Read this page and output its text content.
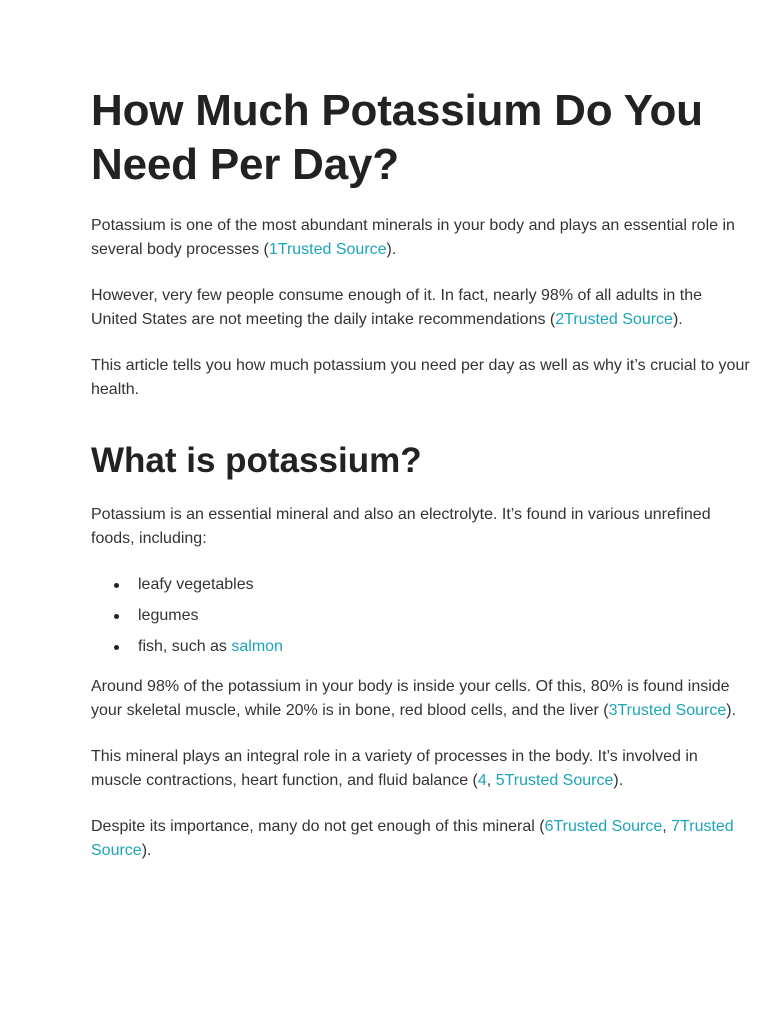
How Much Potassium Do You Need Per Day?

Potassium is one of the most abundant minerals in your body and plays an essential role in several body processes (1Trusted Source).

However, very few people consume enough of it. In fact, nearly 98% of all adults in the United States are not meeting the daily intake recommendations (2Trusted Source).

This article tells you how much potassium you need per day as well as why it’s crucial to your health.

What is potassium?

Potassium is an essential mineral and also an electrolyte. It’s found in various unrefined foods, including:

leafy vegetables
legumes
fish, such as salmon

Around 98% of the potassium in your body is inside your cells. Of this, 80% is found inside your skeletal muscle, while 20% is in bone, red blood cells, and the liver (3Trusted Source).

This mineral plays an integral role in a variety of processes in the body. It’s involved in muscle contractions, heart function, and fluid balance (4, 5Trusted Source).

Despite its importance, many do not get enough of this mineral (6Trusted Source, 7Trusted Source).
